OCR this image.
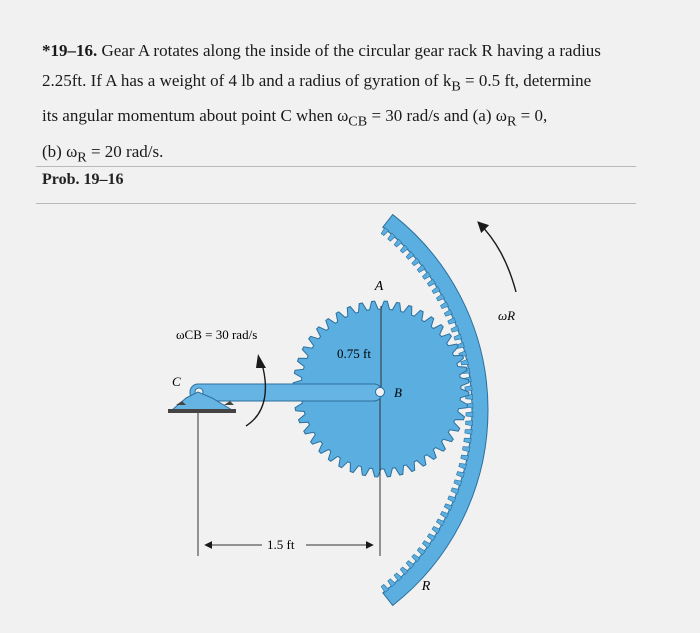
*19–16. Gear A rotates along the inside of the circular gear rack R having a radius
2.25ft. If A has a weight of 4 lb and a radius of gyration of $k_B = 0.5$ ft, determine
its angular momentum about point C when $\omega_{CB} = 30$ rad/s and (a) $\omega_R = 0$,
(b) $\omega_R = 20$ rad/s.
Prob. 19–16
A
R
B
C
0.75 ft
1.5 ft
ωCB = 30 rad/s
ωR
